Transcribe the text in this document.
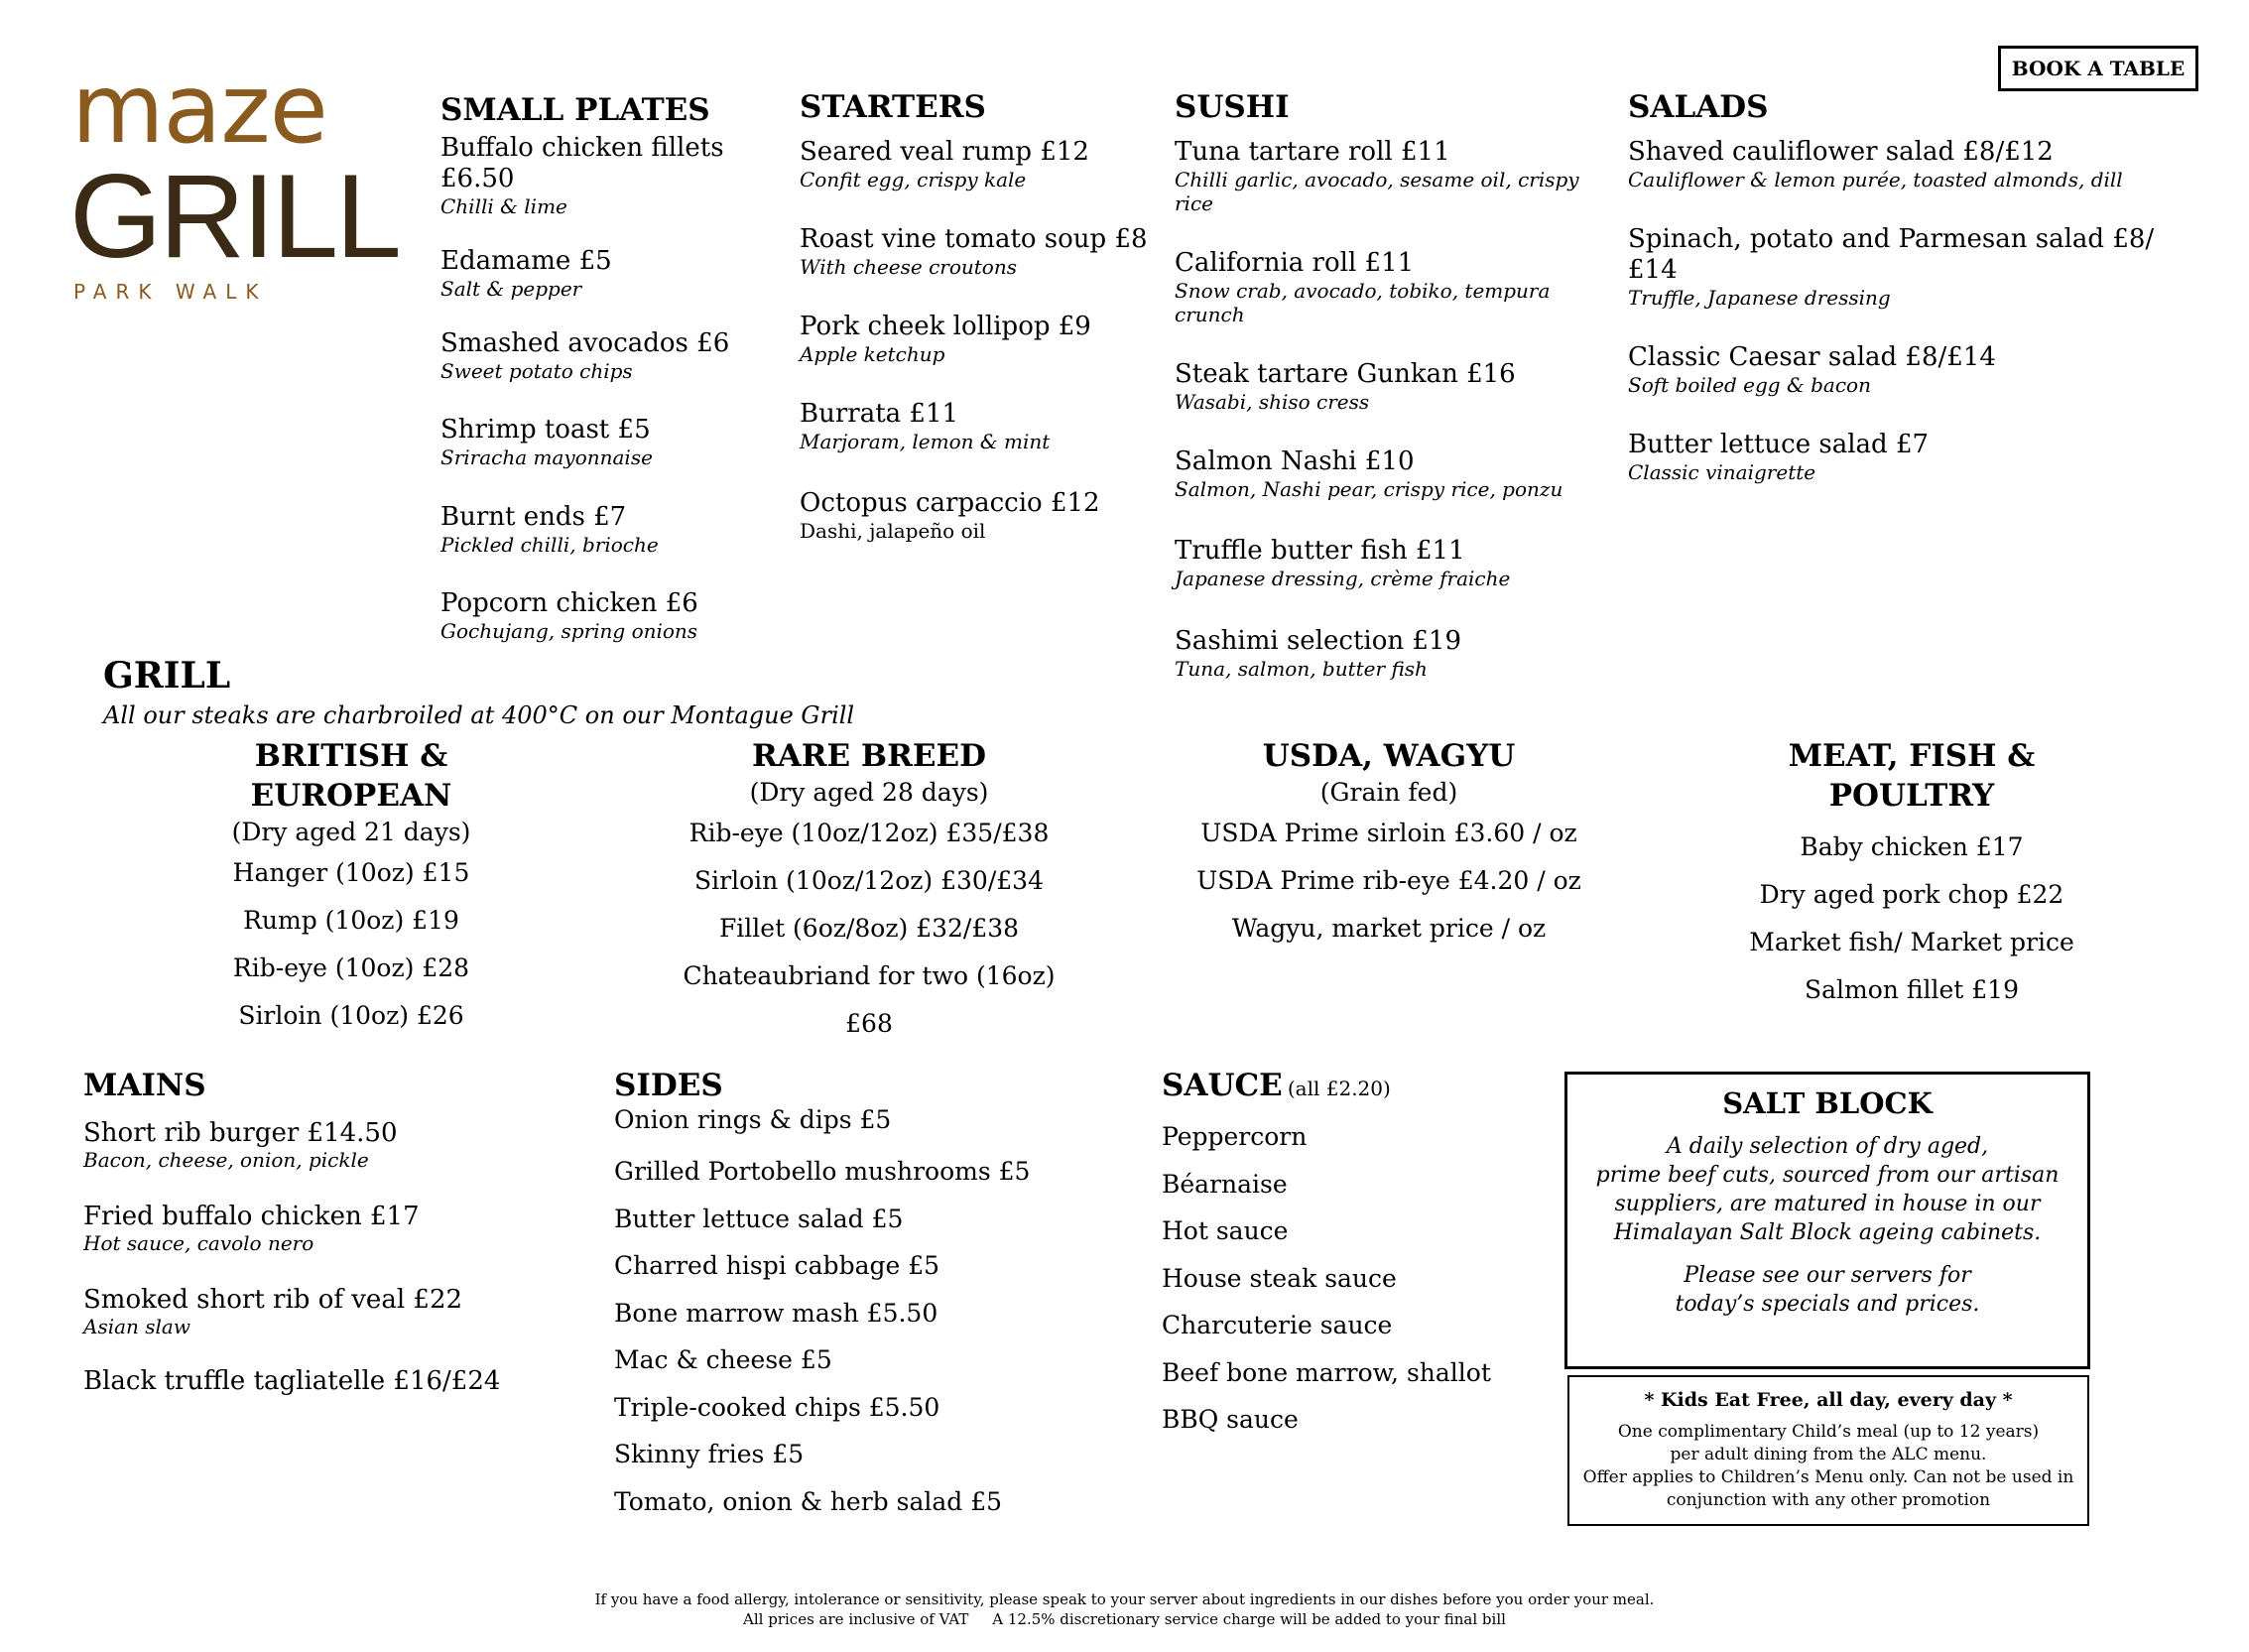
maze
GRILL
PARK WALK
BOOK A TABLE
SMALL PLATES
Buffalo chicken fillets £6.50
Chilli & lime
Edamame £5
Salt & pepper
Smashed avocados £6
Sweet potato chips
Shrimp toast £5
Sriracha mayonnaise
Burnt ends £7
Pickled chilli, brioche
Popcorn chicken £6
Gochujang, spring onions
STARTERS
Seared veal rump £12
Confit egg, crispy kale
Roast vine tomato soup £8
With cheese croutons
Pork cheek lollipop £9
Apple ketchup
Burrata £11
Marjoram, lemon & mint
Octopus carpaccio £12
Dashi, jalapeño oil
SUSHI
Tuna tartare roll £11
Chilli garlic, avocado, sesame oil, crispy rice
California roll £11
Snow crab, avocado, tobiko, tempura crunch
Steak tartare Gunkan £16
Wasabi, shiso cress
Salmon Nashi £10
Salmon, Nashi pear, crispy rice, ponzu
Truffle butter fish £11
Japanese dressing, crème fraiche
Sashimi selection £19
Tuna, salmon, butter fish
SALADS
Shaved cauliflower salad £8/£12
Cauliflower & lemon purée, toasted almonds, dill
Spinach, potato and Parmesan salad £8/£14
Truffle, Japanese dressing
Classic Caesar salad £8/£14
Soft boiled egg & bacon
Butter lettuce salad £7
Classic vinaigrette
GRILL
All our steaks are charbroiled at 400°C on our Montague Grill
BRITISH & EUROPEAN
(Dry aged 21 days)
Hanger (10oz) £15
Rump (10oz) £19
Rib-eye (10oz) £28
Sirloin (10oz) £26
RARE BREED
(Dry aged 28 days)
Rib-eye (10oz/12oz) £35/£38
Sirloin (10oz/12oz) £30/£34
Fillet (6oz/8oz) £32/£38
Chateaubriand for two (16oz) £68
USDA, WAGYU
(Grain fed)
USDA Prime sirloin £3.60 / oz
USDA Prime rib-eye £4.20 / oz
Wagyu, market price / oz
MEAT, FISH & POULTRY
Baby chicken £17
Dry aged pork chop £22
Market fish/ Market price
Salmon fillet £19
MAINS
Short rib burger £14.50
Bacon, cheese, onion, pickle
Fried buffalo chicken £17
Hot sauce, cavolo nero
Smoked short rib of veal £22
Asian slaw
Black truffle tagliatelle £16/£24
SIDES
Onion rings & dips £5
Grilled Portobello mushrooms £5
Butter lettuce salad £5
Charred hispi cabbage £5
Bone marrow mash £5.50
Mac & cheese £5
Triple-cooked chips £5.50
Skinny fries £5
Tomato, onion & herb salad £5
SAUCE (all £2.20)
Peppercorn
Béarnaise
Hot sauce
House steak sauce
Charcuterie sauce
Beef bone marrow, shallot
BBQ sauce
SALT BLOCK
A daily selection of dry aged,
prime beef cuts, sourced from our artisan
suppliers, are matured in house in our
Himalayan Salt Block ageing cabinets.
Please see our servers for
today’s specials and prices.
* Kids Eat Free, all day, every day *
One complimentary Child’s meal (up to 12 years)
per adult dining from the ALC menu.
Offer applies to Children’s Menu only. Can not be used in
conjunction with any other promotion
If you have a food allergy, intolerance or sensitivity, please speak to your server about ingredients in our dishes before you order your meal.
All prices are inclusive of VAT     A 12.5% discretionary service charge will be added to your final bill
